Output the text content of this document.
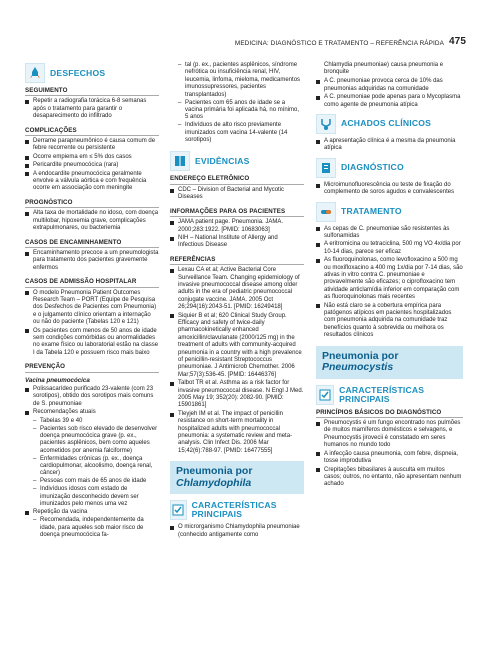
MEDICINA: DIAGNÓSTICO E TRATAMENTO – REFERÊNCIA RÁPIDA 475
DESFECHOS
SEGUIMENTO
Repetir a radiografia torácica 6-8 semanas após o tratamento para garantir o desaparecimento do infiltrado
COMPLICAÇÕES
Derrame parapneumônico é causa comum de febre recorrente ou persistente
Ocorre empiema em ≤ 5% dos casos
Pericardite pneumocócica (rara)
A endocardite pneumocócica geralmente envolve a válvula aórtica e com frequência ocorre em associação com meningite
PROGNÓSTICO
Alta taxa de mortalidade no idoso, com doença multilobar, hipoxemia grave, complicações extrapulmonares, ou bacteriemia
CASOS DE ENCAMINHAMENTO
Encaminhamento precoce a um pneumologista para tratamento dos pacientes gravemente enfermos
CASOS DE ADMISSÃO HOSPITALAR
O modelo Pneumonia Patient Outcomes Research Team – PORT (Equipe de Pesquisa dos Desfechos de Pacientes com Pneumonia) e o julgamento clínico orientam a internação ou não do paciente (Tabelas 120 e 121)
Os pacientes com menos de 50 anos de idade sem condições comórbidas ou anormalidades no exame físico ou laboratorial estão na classe I da Tabela 120 e possuem risco mais baixo
PREVENÇÃO
Vacina pneumocócica
Polissacarídeo purificado 23-valente (com 23 sorotipos), obtido dos sorotipos mais comuns de S. pneumoniae
Recomendações atuais
– Tabelas 39 e 40
– Pacientes sob risco elevado de desenvolver doença pneumocócica grave (p. ex., pacientes asplênicos, bem como aqueles acometidos por anemia falciforme)
– Enfermidades crônicas (p. ex., doença cardiopulmonar, alcoolismo, doença renal, câncer)
– Pessoas com mais de 65 anos de idade
– Indivíduos idosos com estado de imunização desconhecido devem ser imunizados pelo menos uma vez
Repetição da vacina
– Recomendada, independentemente da idade, para aqueles sob maior risco de doença pneumocócica fa-
– tal (p. ex., pacientes asplênicos, síndrome nefrótica ou insuficiência renal, HIV, leucemia, linfoma, mieloma, medicamentos imunossupressores, pacientes transplantados)
– Pacientes com 65 anos de idade se a vacina primária foi aplicada há, no mínimo, 5 anos
– Indivíduos de alto risco previamente imunizados com vacina 14-valente (14 sorotipos)
EVIDÊNCIAS
ENDEREÇO ELETRÔNICO
CDC – Division of Bacterial and Mycotic Diseases
INFORMAÇÕES PARA OS PACIENTES
JAMA patient page. Pneumonia. JAMA. 2000;283:1922. [PMID: 10683063]
NIH – National Institute of Allergy and Infectious Disease
REFERÊNCIAS
Lexau CA et al; Active Bacterial Core Surveillance Team. Changing epidemiology of invasive pneumococcal disease among older adults in the era of pediatric pneumococcal conjugate vaccine. JAMA. 2005 Oct 26;294(16):2043-51. [PMID: 16249418]
Siquier B et al; 620 Clinical Study Group. Efficacy and safety of twice-daily pharmacokinetically enhanced amoxicillin/clavulanate (2000/125 mg) in the treatment of adults with community-acquired pneumonia in a country with a high prevalence of penicillin-resistant Streptococcus pneumoniae. J Antimicrob Chemother. 2006 Mar;57(3):536-45. [PMID: 16446376]
Talbot TR et al. Asthma as a risk factor for invasive pneumococcal disease. N Engl J Med. 2005 May 19; 352(20): 2082-90. [PMID: 15901861]
Tleyjeh IM et al. The impact of penicillin resistance on short-term mortality in hospitalized adults with pneumococcal pneumonia: a systematic review and meta-analysis. Clin Infect Dis. 2006 Mar 15;42(6):788-97. [PMID: 16477555]
Pneumonia por
Chlamydophila
CARACTERÍSTICAS PRINCIPAIS
O microrganismo Chlamydophila pneumoniae (conhecido antigamente como
Chlamydia pneumoniae) causa pneumonia e bronquite
A C. pneumoniae provoca cerca de 10% das pneumonias adquiridas na comunidade
A C. pneumoniae pode apenas para o Mycoplasma como agente de pneumonia atípica
ACHADOS CLÍNICOS
A apresentação clínica é a mesma da pneumonia atípica
DIAGNÓSTICO
Microimunofluorescência ou teste de fixação do complemento de soros agudos e convalescentes
TRATAMENTO
As cepas de C. pneumoniae são resistentes às sulfonamidas
A eritromicina ou tetraciclina, 500 mg VO 4x/dia por 10-14 dias, parece ser eficaz
As fluoroquinolonas, como levofloxacino a 500 mg ou moxifloxacino a 400 mg 1x/dia por 7-14 dias, são ativas in vitro contra C. pneumoniae e provavelmente são eficazes; o ciprofloxacino tem atividade anticlamídia inferior em comparação com as fluoroquinolonas mais recentes
Não está claro se a cobertura empírica para patógenos atípicos em pacientes hospitalizados com pneumonia adquirida na comunidade traz benefícios quanto à sobrevida ou melhora os resultados clínicos
Pneumonia por
Pneumocystis
CARACTERÍSTICAS PRINCIPAIS
PRINCÍPIOS BÁSICOS DO DIAGNÓSTICO
Pneumocystis é um fungo encontrado nos pulmões de muitos mamíferos domésticos e selvagens, e Pneumocystis jirovecii é constatado em seres humanos no mundo todo
A infecção causa pneumonia, com febre, dispneia, tosse improdutiva
Crepitações bibasilares à ausculta em muitos casos; outros, no entanto, não apresentam nenhum achado
